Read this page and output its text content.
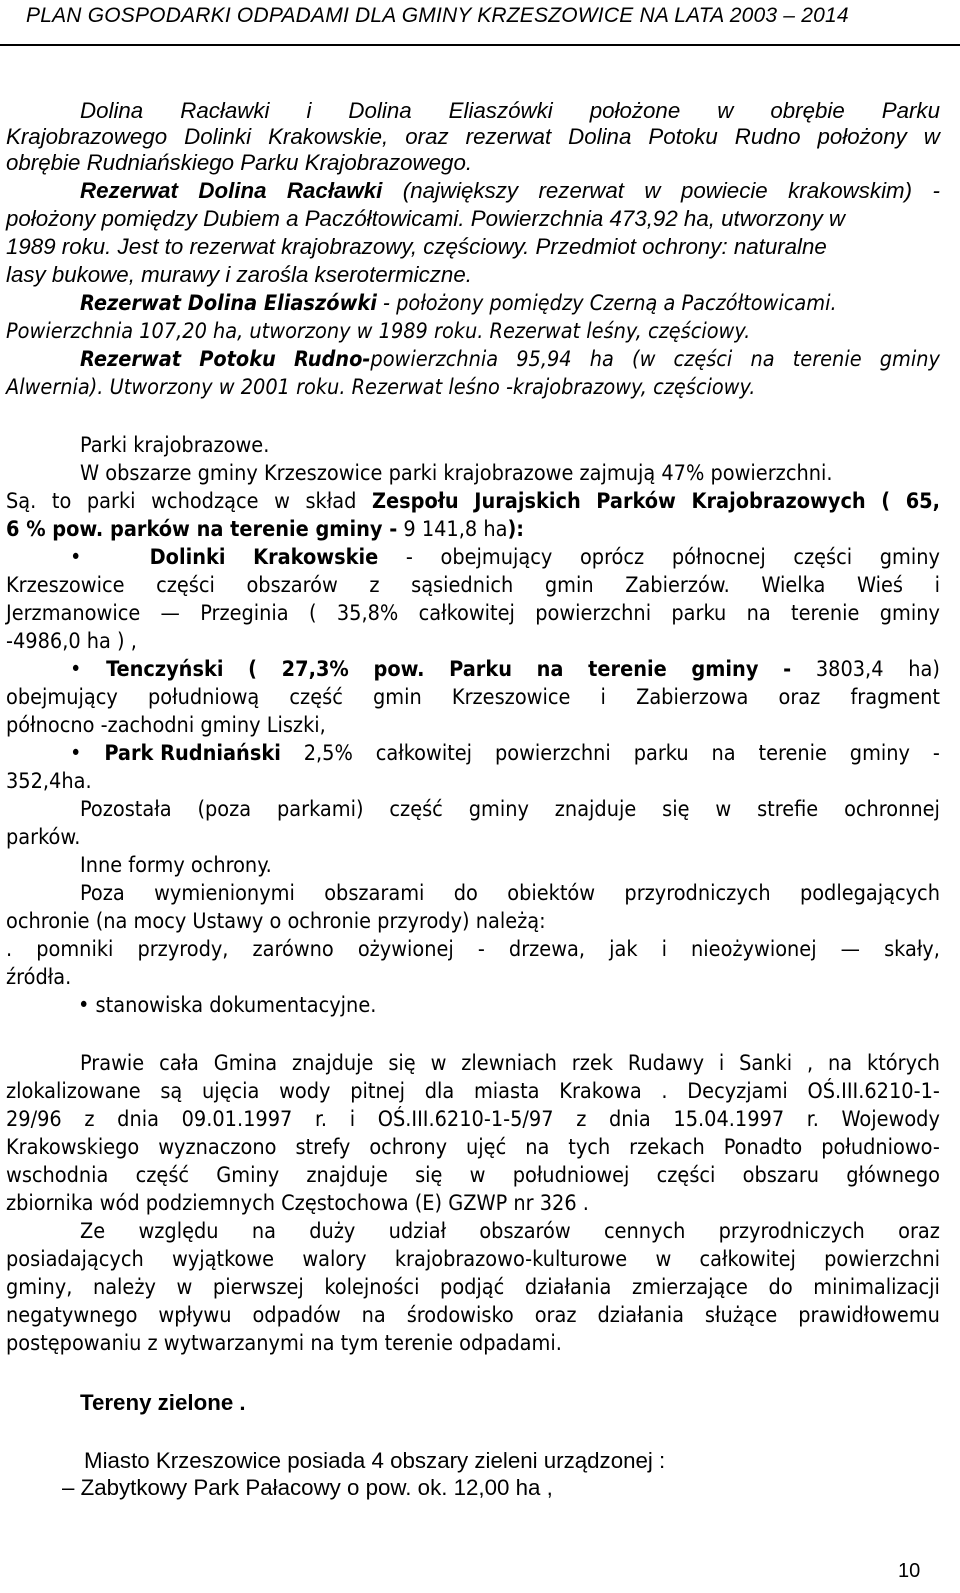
PLAN GOSPODARKI ODPADAMI DLA GMINY KRZESZOWICE NA LATA 2003 – 2014
Dolina Racławki i Dolina Eliaszówki położone w obrębie Parku
Krajobrazowego Dolinki Krakowskie, oraz rezerwat Dolina Potoku Rudno położony w
obrębie Rudniańskiego Parku Krajobrazowego.
Rezerwat Dolina Racławki (największy rezerwat w powiecie krakowskim) -
położony pomiędzy Dubiem a Paczółtowicami. Powierzchnia 473,92 ha, utworzony w
1989 roku. Jest to rezerwat krajobrazowy, częściowy. Przedmiot ochrony: naturalne
lasy bukowe, murawy i zarośla kserotermiczne.
Rezerwat Dolina Eliaszówki - położony pomiędzy Czerną a Paczółtowicami.
Powierzchnia 107,20 ha, utworzony w 1989 roku. Rezerwat leśny, częściowy.
Rezerwat Potoku Rudno-powierzchnia 95,94 ha (w części na terenie gminy
Alwernia). Utworzony w 2001 roku. Rezerwat leśno -krajobrazowy, częściowy.
Parki krajobrazowe.
W obszarze gminy Krzeszowice parki krajobrazowe zajmują 47% powierzchni.
Są. to parki wchodzące w skład Zespołu Jurajskich Parków Krajobrazowych ( 65,
6 % pow. parków na terenie gminy - 9 141,8 ha):
•
	Dolinki Krakowskie - obejmujący oprócz północnej części gminy
Krzeszowice części obszarów z sąsiednich gmin Zabierzów. Wielka Wieś i
Jerzmanowice — Przeginia ( 35,8% całkowitej powierzchni parku na terenie gminy
-4986,0 ha ) ,
• Tenczyński ( 27,3% pow. Parku na terenie gminy - 3803,4 ha)
obejmujący południową część gmin Krzeszowice i Zabierzowa oraz fragment
północno -zachodni gminy Liszki,
• Park Rudniański 2,5% całkowitej powierzchni parku na terenie gminy -
352,4ha.
Pozostała (poza parkami) część gminy znajduje się w strefie ochronnej
parków.
Inne formy ochrony.
Poza wymienionymi obszarami do obiektów przyrodniczych podlegających
ochronie (na mocy Ustawy o ochronie przyrody) należą:
. pomniki przyrody, zarówno ożywionej - drzewa, jak i nieożywionej — skały,
źródła.
• stanowiska dokumentacyjne.
Prawie cała Gmina znajduje się w zlewniach rzek Rudawy i Sanki , na których
zlokalizowane są ujęcia wody pitnej dla miasta Krakowa . Decyzjami OŚ.III.6210-1-
29/96 z dnia 09.01.1997 r. i OŚ.III.6210-1-5/97 z dnia 15.04.1997 r. Wojewody
Krakowskiego wyznaczono strefy ochrony ujęć na tych rzekach Ponadto południowo-
wschodnia część Gminy znajduje się w południowej części obszaru głównego
zbiornika wód podziemnych Częstochowa (E) GZWP nr 326 .
Ze względu na duży udział obszarów cennych przyrodniczych oraz
posiadających wyjątkowe walory krajobrazowo-kulturowe w całkowitej powierzchni
gminy, należy w pierwszej kolejności podjąć działania zmierzające do minimalizacji
negatywnego wpływu odpadów na środowisko oraz działania służące prawidłowemu
postępowaniu z wytwarzanymi na tym terenie odpadami.
Tereny zielone .
Miasto Krzeszowice posiada 4 obszary zieleni urządzonej :
– Zabytkowy Park Pałacowy o pow. ok. 12,00 ha ,
10
